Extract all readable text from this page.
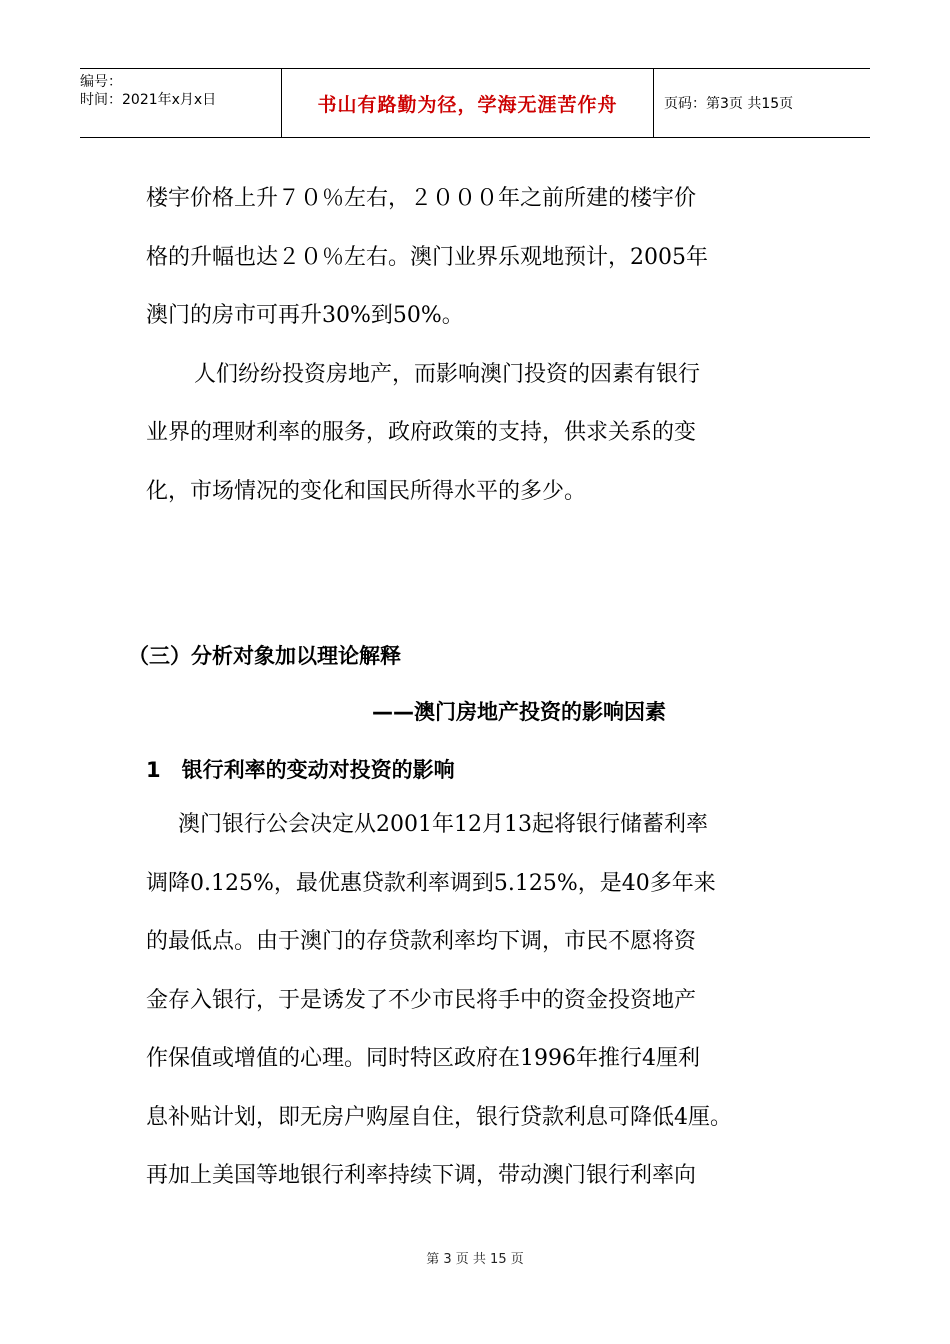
编号：
时间：2021年x月x日	书山有路勤为径，学海无涯苦作舟	页码：第3页 共15页

楼宇价格上升７０％左右，２０００年之前所建的楼宇价

格的升幅也达２０％左右。澳门业界乐观地预计，2005年

澳门的房市可再升30%到50%。

人们纷纷投资房地产，而影响澳门投资的因素有银行

业界的理财利率的服务，政府政策的支持，供求关系的变

化，市场情况的变化和国民所得水平的多少。

（三）分析对象加以理论解释
——澳门房地产投资的影响因素
1　银行利率的变动对投资的影响

澳门银行公会决定从2001年12月13起将银行储蓄利率

调降0.125%，最优惠贷款利率调到5.125%，是40多年来

的最低点。由于澳门的存贷款利率均下调，市民不愿将资

金存入银行，于是诱发了不少市民将手中的资金投资地产

作保值或增值的心理。同时特区政府在1996年推行4厘利

息补贴计划，即无房户购屋自住，银行贷款利息可降低4厘。

再加上美国等地银行利率持续下调，带动澳门银行利率向

第 3 页 共 15 页
